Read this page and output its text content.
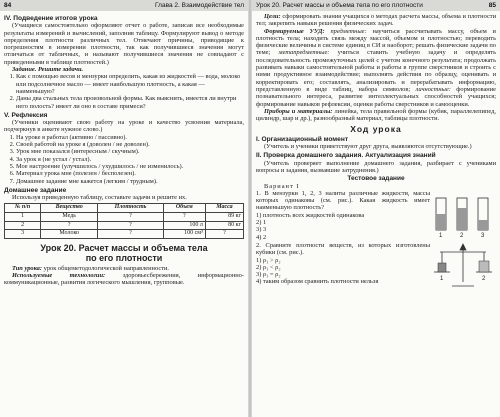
84	Глава 2. Взаимодействие тел
IV. Подведение итогов урока

(Учащиеся самостоятельно оформляют отчет о работе, записав все необходимые результаты измерений и вычислений, заполнив таблицу. Формулируют вывод о методе определения плотности различных тел. Отмечают причины, приводящие к погрешностям в измерении плотности, так как получившиеся значения могут отличаться от табличных, и называют получившиеся значения не совпадают с приведенными в таблице плотностей.)

Задание. Решите задачи.

1. Как с помощью весов и мензурки определить, какая из жидкостей — вода, молоко или подсолнечное масло — имеет наибольшую плотность, а какая — наименьшую?
2. Даны два стальных тела произвольной формы. Как выяснить, имеется ли внутри него полость? имеет ли оно в составе примеси?
V. Рефлексия

(Ученики оценивают свою работу на уроке и качество усвоения материала, подчеркнув в анкете нужное слово.)

1. На уроке я работал (активно / пассивно).
2. Своей работой на уроке я (доволен / не доволен).
3. Урок мне показался (интересным / скучным).
4. За урок я (не устал / устал).
5. Мое настроение (улучшилось / ухудшилось / не изменилось).
6. Материал урока мне (полезен / бесполезен).
7. Домашнее задание мне кажется (легким / трудным).
Домашнее задание

Используя приведенную таблицу, составьте задачи и решите их.

№ п/п	Вещество	Плотность	Объем	Масса
1	Медь	?	?	89 кг
2	?	?	100 л	80 кг
3	Молоко	?	100 см³	?
Урок 20. Расчет массы и объема тела
по его плотности

Тип урока: урок общеметодологической направленности.

Используемые технологии:	здоровьесбережения, информационно-коммуникационные, развития логического мышления, групповые.

Урок 20. Расчет массы и объема тела по его плотности	85

Цели: сформировать знания учащихся о методах расчета массы, объема и плотности тел; закрепить навыки решения физических задач.

Формируемые УУД: предметные: научиться рассчитывать массу, объем и плотность тела; находить связь между массой, объемом и плотностью; переводить физические величины в системе единиц в СИ и наоборот; решать физические задачи по теме; метапредметные: учиться ставить учебную задачу и определять последовательность промежуточных целей с учетом конечного результата; продолжать развивать навыки самостоятельной работы и работы в группе сверстников и строить с ними продуктивное взаимодействие; выполнять действия по образцу, оценивать и корректировать его; составлять, анализировать и перерабатывать информацию, представленную в виде таблиц, набора символов; личностные: формирование познавательного интереса, развитие интеллектуальных способностей учащихся; формирование навыков рефлексии, оценки работы сверстников и самооценки.

Приборы и материалы: линейка, тела правильной формы (кубик, параллелепипед, цилиндр, шар и др.), разнообразный материал, таблицы плотности.

Ход урока
I. Организационный момент

(Учитель и ученики приветствуют друг друга, выявляются отсутствующие.)

II. Проверка домашнего задания. Актуализация знаний

(Учитель проверяет выполнение домашнего задания, разбирает с учениками вопросы и задания, вызвавшие затруднения.)

Тестовое задание
Вариант I

1. В мензурки 1, 2, 3 налиты различные жидкости, массы которых одинаковы (см. рис.). Какая жидкость имеет наименьшую плотность?

1) плотность всех жидкостей одинакова
2) 1
3) 3
4) 2	1	2	3

2. Сравните плотности веществ, из которых изготовлены кубики (см. рис.).

1) ρ₁ > ρ₂
2) ρ₁ < ρ₂
3) ρ₁ = ρ₂
4) таким образом сравнить плотности нельзя	1	2
